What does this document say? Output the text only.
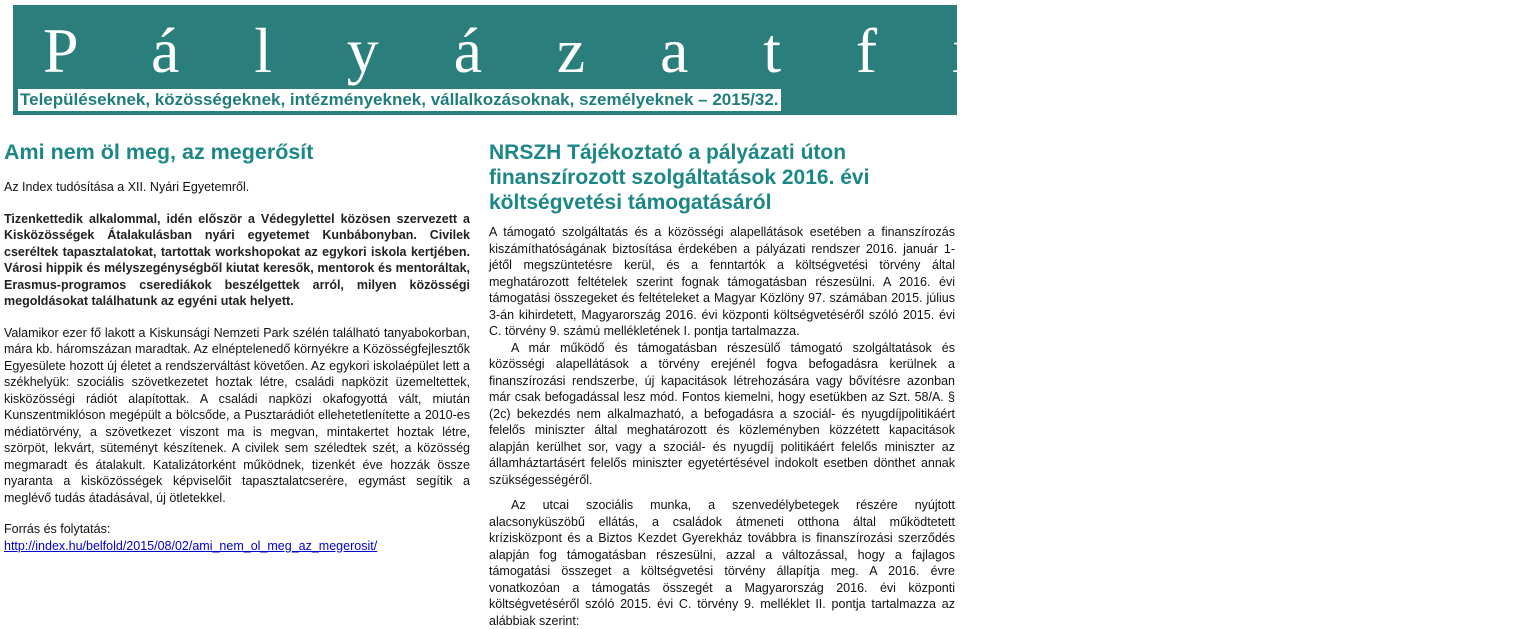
P á l y á z a t f i g y e l ő
Településeknek, közösségeknek, intézményeknek, vállalkozásoknak, személyeknek – 2015/32.
Ami nem öl meg, az megerősít

Az Index tudósítása a XII. Nyári Egyetemről.

Tizenkettedik alkalommal, idén először a Védegylettel közösen szervezett a Kisközösségek Átalakulásban nyári egyetemet Kunbábonyban. Civilek cseréltek tapasztalatokat, tartottak workshopokat az egykori iskola kertjében. Városi hippik és mélyszegénységből kiutat keresők, mentorok és mentoráltak, Erasmus-programos cserediákok beszélgettek arról, milyen közösségi megoldásokat találhatunk az egyéni utak helyett.

Valamikor ezer fő lakott a Kiskunsági Nemzeti Park szélén található tanyabokorban, mára kb. háromszázan maradtak. Az elnéptelenedő környékre a Közösségfejlesztők Egyesülete hozott új életet a rendszerváltást követően. Az egykori iskolaépület lett a székhelyük: szociális szövetkezetet hoztak létre, családi napközit üzemeltettek, kisközösségi rádiót alapítottak. A családi napközi okafogyottá vált, miután Kunszentmiklóson megépült a bölcsőde, a Pusztarádiót ellehetetlenítette a 2010-es médiatörvény, a szövetkezet viszont ma is megvan, mintakertet hoztak létre, szörpöt, lekvárt, süteményt készítenek. A civilek sem széledtek szét, a közösség megmaradt és átalakult. Katalizátorként működnek, tizenkét éve hozzák össze nyaranta a kisközösségek képviselőit tapasztalatcserére, egymást segítik a meglévő tudás átadásával, új ötletekkel.

Forrás és folytatás:

http://index.hu/belfold/2015/08/02/ami_nem_ol_meg_az_megerosit/

NRSZH Tájékoztató a pályázati úton finanszírozott szolgáltatások 2016. évi költségvetési támogatásáról

A támogató szolgáltatás és a közösségi alapellátások esetében a finanszírozás kiszámíthatóságának biztosítása érdekében a pályázati rendszer 2016. január 1-jétől megszüntetésre kerül, és a fenntartók a költségvetési törvény által meghatározott feltételek szerint fognak támogatásban részesülni. A 2016. évi támogatási összegeket és feltételeket a Magyar Közlöny 97. számában 2015. július 3-án kihirdetett, Magyarország 2016. évi központi költségvetéséről szóló 2015. évi C. törvény 9. számú mellékletének I. pontja tartalmazza.

A már működő és támogatásban részesülő támogató szolgáltatások és közösségi alapellátások a törvény erejénél fogva befogadásra kerülnek a finanszírozási rendszerbe, új kapacitások létrehozására vagy bővítésre azonban már csak befogadással lesz mód. Fontos kiemelni, hogy esetükben az Szt. 58/A. § (2c) bekezdés nem alkalmazható, a befogadásra a szociál- és nyugdíjpolitikáért felelős miniszter által meghatározott és közleményben közzétett kapacitások alapján kerülhet sor, vagy a szociál- és nyugdíj politikáért felelős miniszter az államháztartásért felelős miniszter egyetértésével indokolt esetben dönthet annak szükségességéről.

Az utcai szociális munka, a szenvedélybetegek részére nyújtott alacsonyküszöbű ellátás, a családok átmeneti otthona által működtetett krízisközpont és a Biztos Kezdet Gyerekház továbbra is finanszírozási szerződés alapján fog támogatásban részesülni, azzal a változással, hogy a fajlagos támogatási összeget a költségvetési törvény állapítja meg. A 2016. évre vonatkozóan a támogatás összegét a Magyarország 2016. évi központi költségvetéséről szóló 2015. évi C. törvény 9. melléklet II. pontja tartalmazza az alábbiak szerint:
